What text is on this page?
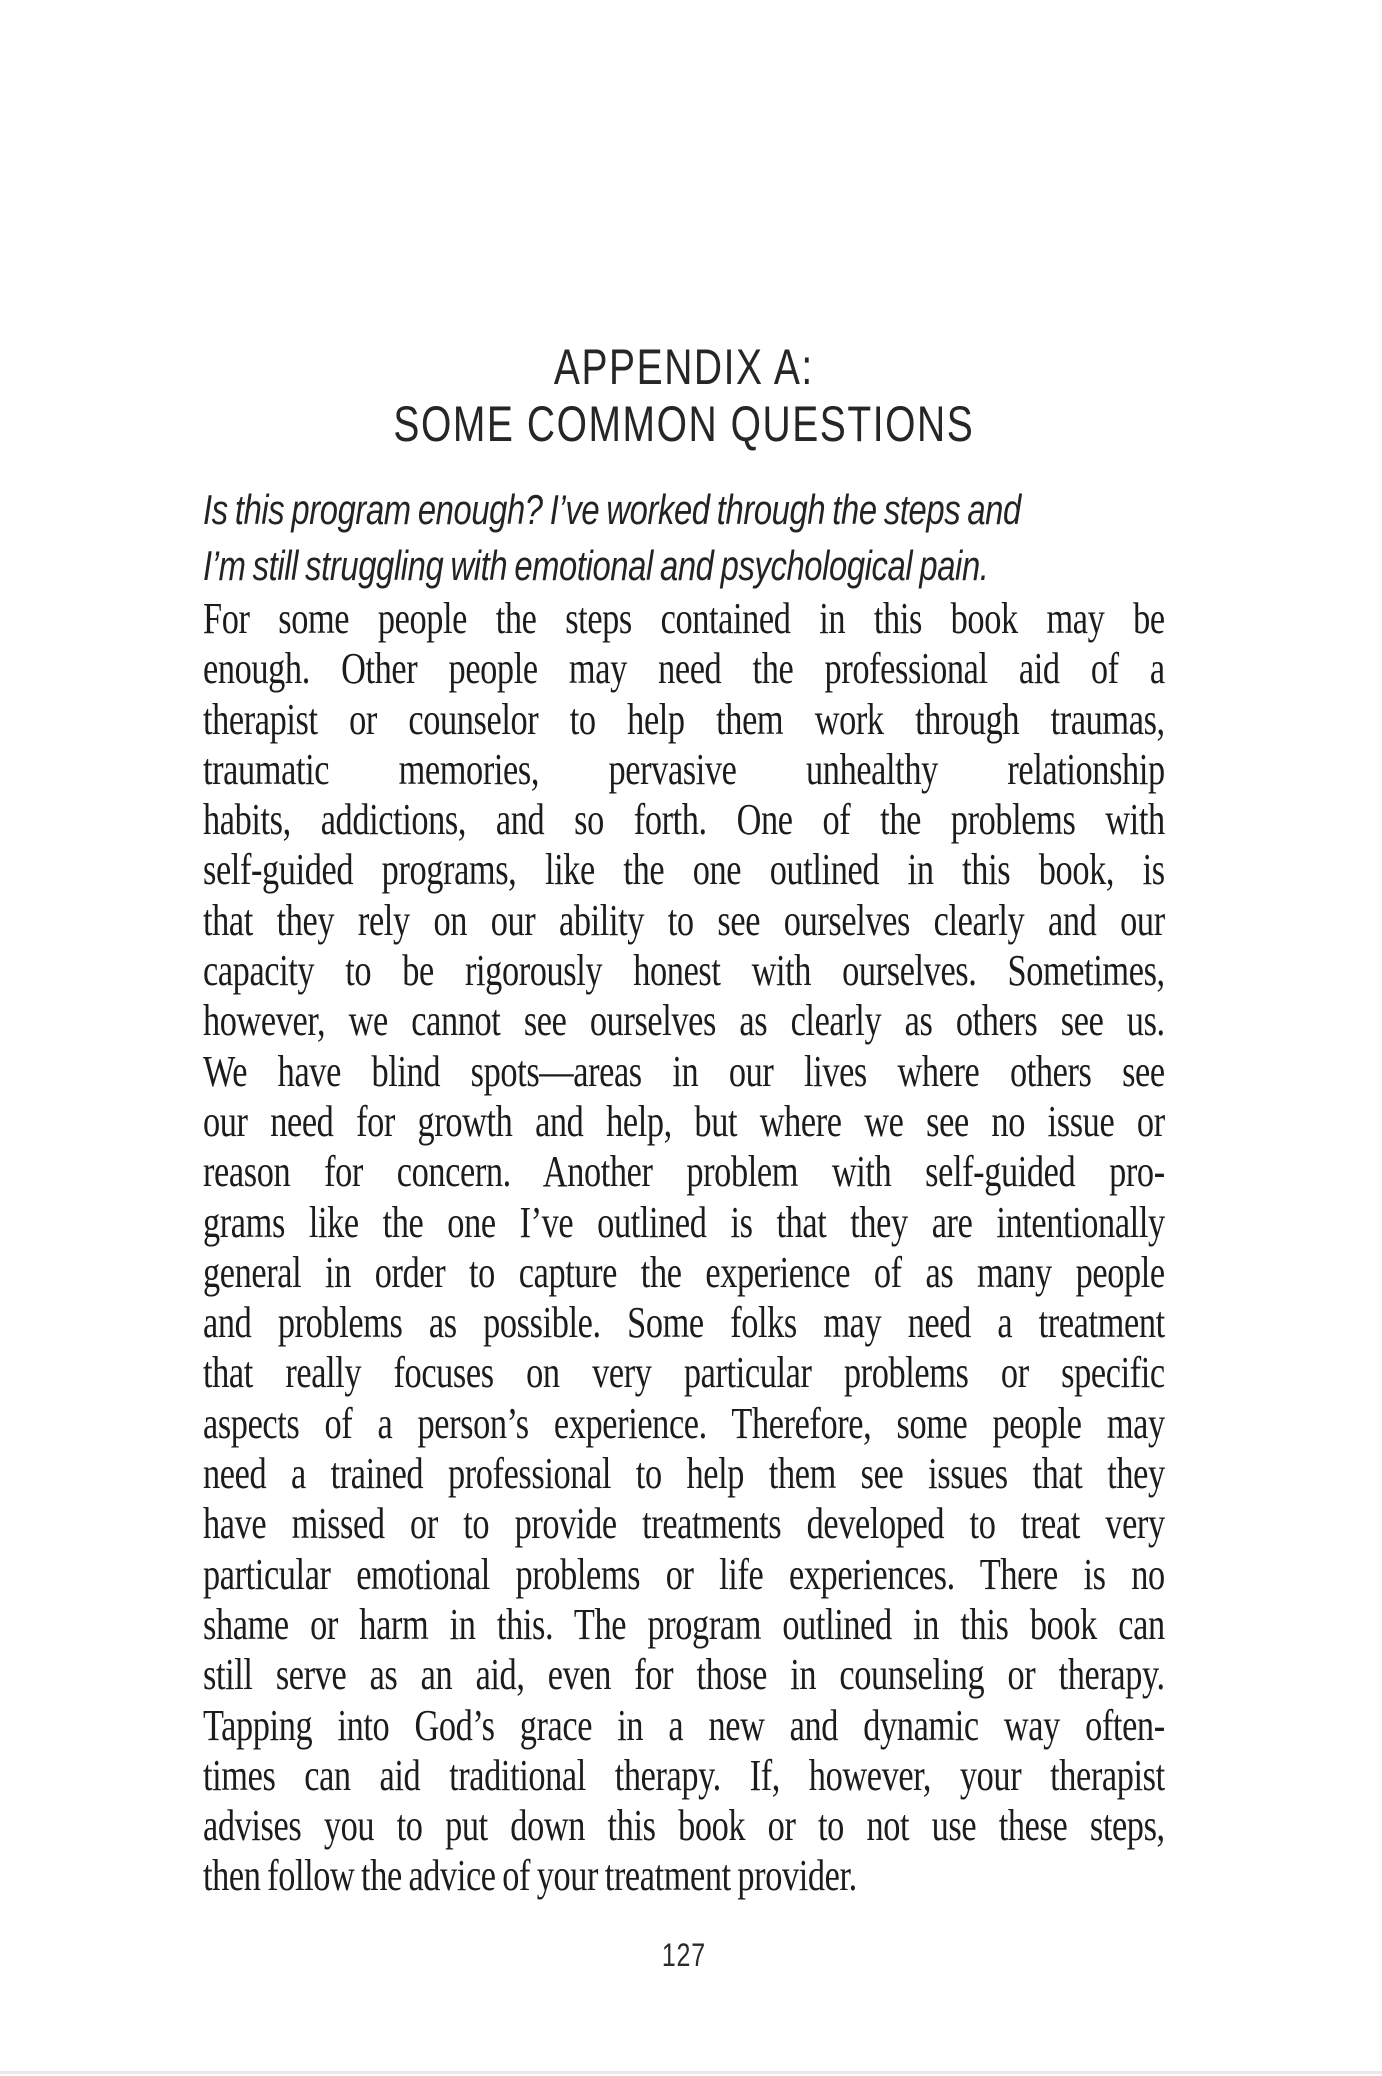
APPENDIX A:
SOME COMMON QUESTIONS
Is this program enough? I’ve worked through the steps and
I’m still struggling with emotional and psychological pain.
For some people the steps contained in this book may be
enough. Other people may need the professional aid of a
therapist or counselor to help them work through traumas,
traumatic memories, pervasive unhealthy relationship
habits, addictions, and so forth. One of the problems with
self-guided programs, like the one outlined in this book, is
that they rely on our ability to see ourselves clearly and our
capacity to be rigorously honest with ourselves. Sometimes,
however, we cannot see ourselves as clearly as others see us.
We have blind spots—areas in our lives where others see
our need for growth and help, but where we see no issue or
reason for concern. Another problem with self-guided pro-
grams like the one I’ve outlined is that they are intentionally
general in order to capture the experience of as many people
and problems as possible. Some folks may need a treatment
that really focuses on very particular problems or specific
aspects of a person’s experience. Therefore, some people may
need a trained professional to help them see issues that they
have missed or to provide treatments developed to treat very
particular emotional problems or life experiences. There is no
shame or harm in this. The program outlined in this book can
still serve as an aid, even for those in counseling or therapy.
Tapping into God’s grace in a new and dynamic way often-
times can aid traditional therapy. If, however, your therapist
advises you to put down this book or to not use these steps,
then follow the advice of your treatment provider.
127
